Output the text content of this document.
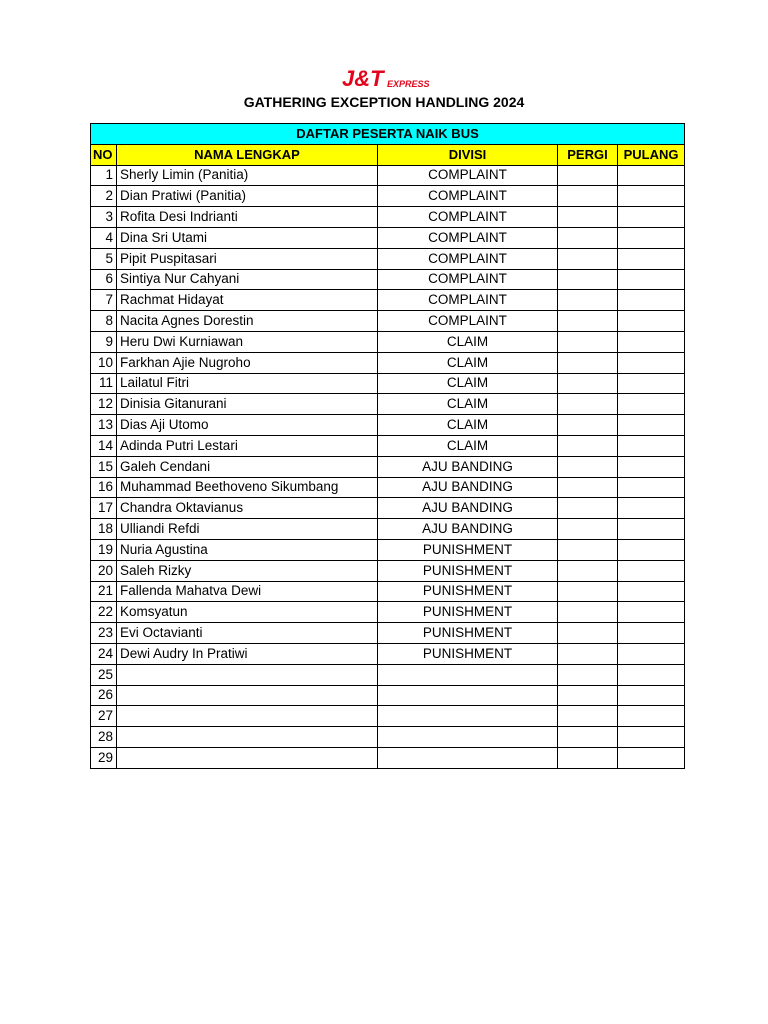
J&T EXPRESS
GATHERING EXCEPTION HANDLING 2024
DAFTAR PESERTA NAIK BUS				
NO	NAMA LENGKAP	DIVISI	PERGI	PULANG
1	Sherly Limin (Panitia)	COMPLAINT		
2	Dian Pratiwi (Panitia)	COMPLAINT		
3	Rofita Desi Indrianti	COMPLAINT		
4	Dina Sri Utami	COMPLAINT		
5	Pipit Puspitasari	COMPLAINT		
6	Sintiya Nur Cahyani	COMPLAINT		
7	Rachmat Hidayat	COMPLAINT		
8	Nacita Agnes Dorestin	COMPLAINT		
9	Heru Dwi Kurniawan	CLAIM		
10	Farkhan Ajie Nugroho	CLAIM		
11	Lailatul Fitri	CLAIM		
12	Dinisia Gitanurani	CLAIM		
13	Dias Aji Utomo	CLAIM		
14	Adinda Putri Lestari	CLAIM		
15	Galeh Cendani	AJU BANDING		
16	Muhammad Beethoveno Sikumbang	AJU BANDING		
17	Chandra Oktavianus	AJU BANDING		
18	Ulliandi Refdi	AJU BANDING		
19	Nuria Agustina	PUNISHMENT		
20	Saleh Rizky	PUNISHMENT		
21	Fallenda Mahatva Dewi	PUNISHMENT		
22	Komsyatun	PUNISHMENT		
23	Evi Octavianti	PUNISHMENT		
24	Dewi Audry In Pratiwi	PUNISHMENT		
25				
26				
27				
28				
29				
